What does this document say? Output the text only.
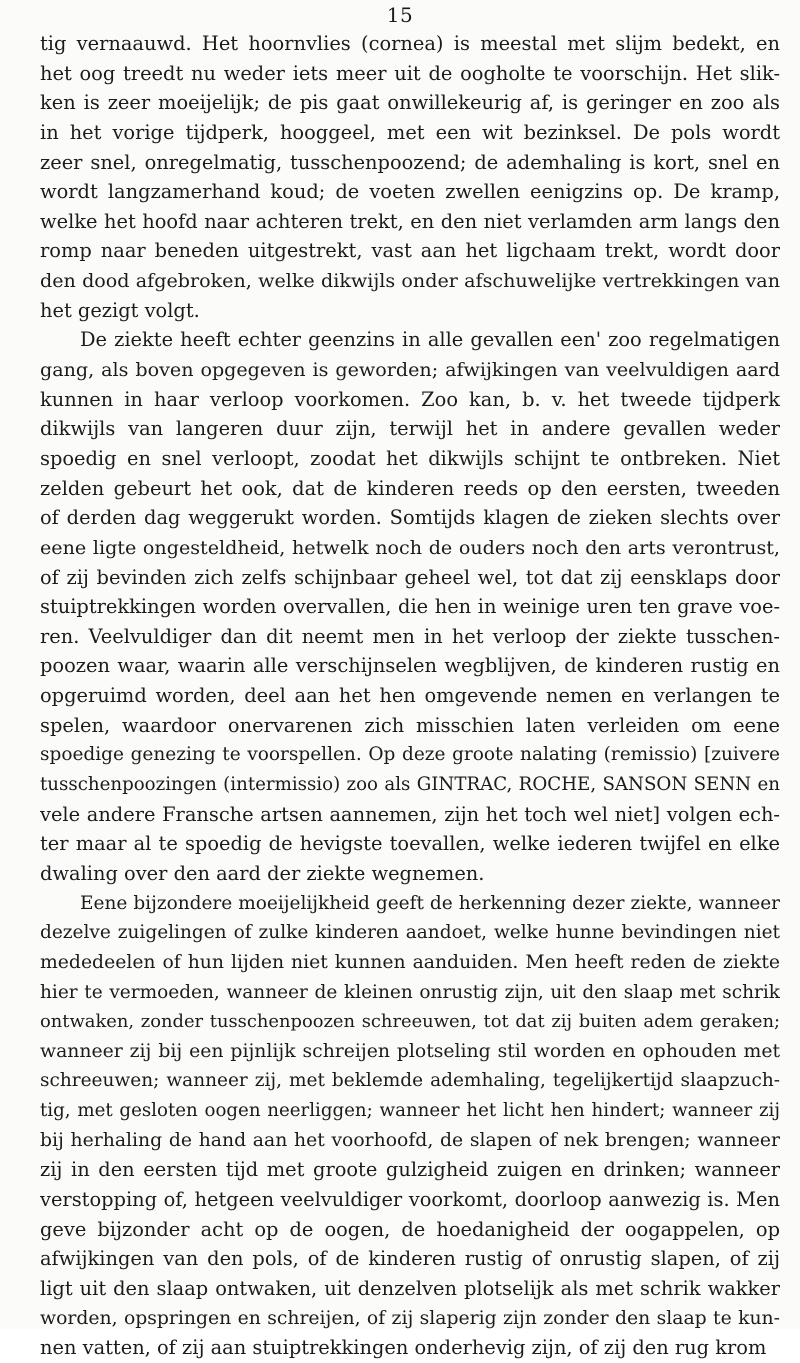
15
tig vernaauwd. Het hoornvlies (cornea) is meestal met slijm bedekt, en
het oog treedt nu weder iets meer uit de oogholte te voorschijn. Het slik-
ken is zeer moeijelijk; de pis gaat onwillekeurig af, is geringer en zoo als
in het vorige tijdperk, hooggeel, met een wit bezinksel. De pols wordt
zeer snel, onregelmatig, tusschenpoozend; de ademhaling is kort, snel en
wordt langzamerhand koud; de voeten zwellen eenigzins op. De kramp,
welke het hoofd naar achteren trekt, en den niet verlamden arm langs den
romp naar beneden uitgestrekt, vast aan het ligchaam trekt, wordt door
den dood afgebroken, welke dikwijls onder afschuwelijke vertrekkingen van
het gezigt volgt.
De ziekte heeft echter geenzins in alle gevallen een' zoo regelmatigen
gang, als boven opgegeven is geworden; afwijkingen van veelvuldigen aard
kunnen in haar verloop voorkomen. Zoo kan, b. v. het tweede tijdperk
dikwijls van langeren duur zijn, terwijl het in andere gevallen weder
spoedig en snel verloopt, zoodat het dikwijls schijnt te ontbreken. Niet
zelden gebeurt het ook, dat de kinderen reeds op den eersten, tweeden
of derden dag weggerukt worden. Somtijds klagen de zieken slechts over
eene ligte ongesteldheid, hetwelk noch de ouders noch den arts verontrust,
of zij bevinden zich zelfs schijnbaar geheel wel, tot dat zij eensklaps door
stuiptrekkingen worden overvallen, die hen in weinige uren ten grave voe-
ren. Veelvuldiger dan dit neemt men in het verloop der ziekte tusschen-
poozen waar, waarin alle verschijnselen wegblijven, de kinderen rustig en
opgeruimd worden, deel aan het hen omgevende nemen en verlangen te
spelen, waardoor onervarenen zich misschien laten verleiden om eene
spoedige genezing te voorspellen. Op deze groote nalating (remissio) [zuivere
tusschenpoozingen (intermissio) zoo als GINTRAC, ROCHE, SANSON SENN en
vele andere Fransche artsen aannemen, zijn het toch wel niet] volgen ech-
ter maar al te spoedig de hevigste toevallen, welke iederen twijfel en elke
dwaling over den aard der ziekte wegnemen.
Eene bijzondere moeijelijkheid geeft de herkenning dezer ziekte, wanneer
dezelve zuigelingen of zulke kinderen aandoet, welke hunne bevindingen niet
mededeelen of hun lijden niet kunnen aanduiden. Men heeft reden de ziekte
hier te vermoeden, wanneer de kleinen onrustig zijn, uit den slaap met schrik
ontwaken, zonder tusschenpoozen schreeuwen, tot dat zij buiten adem geraken;
wanneer zij bij een pijnlijk schreijen plotseling stil worden en ophouden met
schreeuwen; wanneer zij, met beklemde ademhaling, tegelijkertijd slaapzuch-
tig, met gesloten oogen neerliggen; wanneer het licht hen hindert; wanneer zij
bij herhaling de hand aan het voorhoofd, de slapen of nek brengen; wanneer
zij in den eersten tijd met groote gulzigheid zuigen en drinken; wanneer
verstopping of, hetgeen veelvuldiger voorkomt, doorloop aanwezig is. Men
geve bijzonder acht op de oogen, de hoedanigheid der oogappelen, op
afwijkingen van den pols, of de kinderen rustig of onrustig slapen, of zij
ligt uit den slaap ontwaken, uit denzelven plotselijk als met schrik wakker
worden, opspringen en schreijen, of zij slaperig zijn zonder den slaap te kun-
nen vatten, of zij aan stuiptrekkingen onderhevig zijn, of zij den rug krom
